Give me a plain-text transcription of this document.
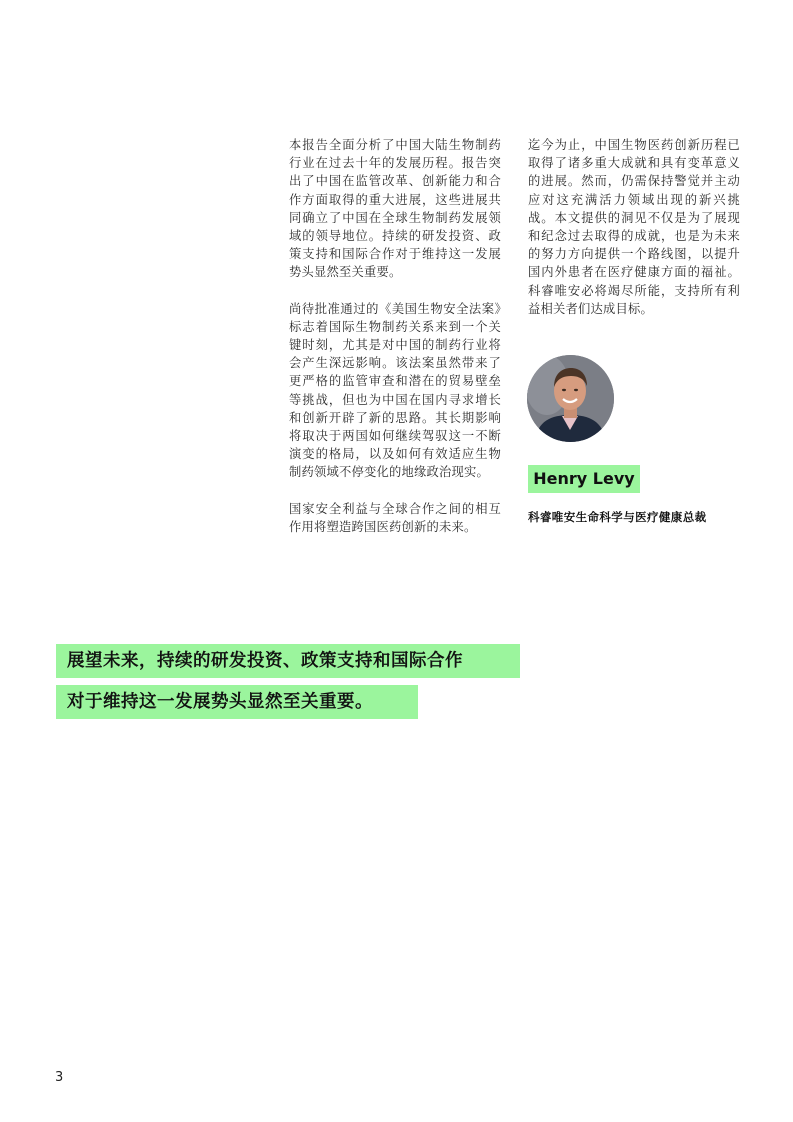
本报告全面分析了中国大陆生物制药行业在过去十年的发展历程。报告突出了中国在监管改革、创新能力和合作方面取得的重大进展，这些进展共同确立了中国在全球生物制药发展领域的领导地位。持续的研发投资、政策支持和国际合作对于维持这一发展势头显然至关重要。

尚待批准通过的《美国生物安全法案》标志着国际生物制药关系来到一个关键时刻，尤其是对中国的制药行业将会产生深远影响。该法案虽然带来了更严格的监管审查和潜在的贸易壁垒等挑战，但也为中国在国内寻求增长和创新开辟了新的思路。其长期影响将取决于两国如何继续驾驭这一不断演变的格局，以及如何有效适应生物制药领域不停变化的地缘政治现实。

国家安全利益与全球合作之间的相互作用将塑造跨国医药创新的未来。

迄今为止，中国生物医药创新历程已取得了诸多重大成就和具有变革意义的进展。然而，仍需保持警觉并主动应对这充满活力领域出现的新兴挑战。本文提供的洞见不仅是为了展现和纪念过去取得的成就，也是为未来的努力方向提供一个路线图，以提升国内外患者在医疗健康方面的福祉。科睿唯安必将竭尽所能，支持所有利益相关者们达成目标。

Henry Levy
科睿唯安生命科学与医疗健康总裁
展望未来，持续的研发投资、政策支持和国际合作
对于维持这一发展势头显然至关重要。
3
